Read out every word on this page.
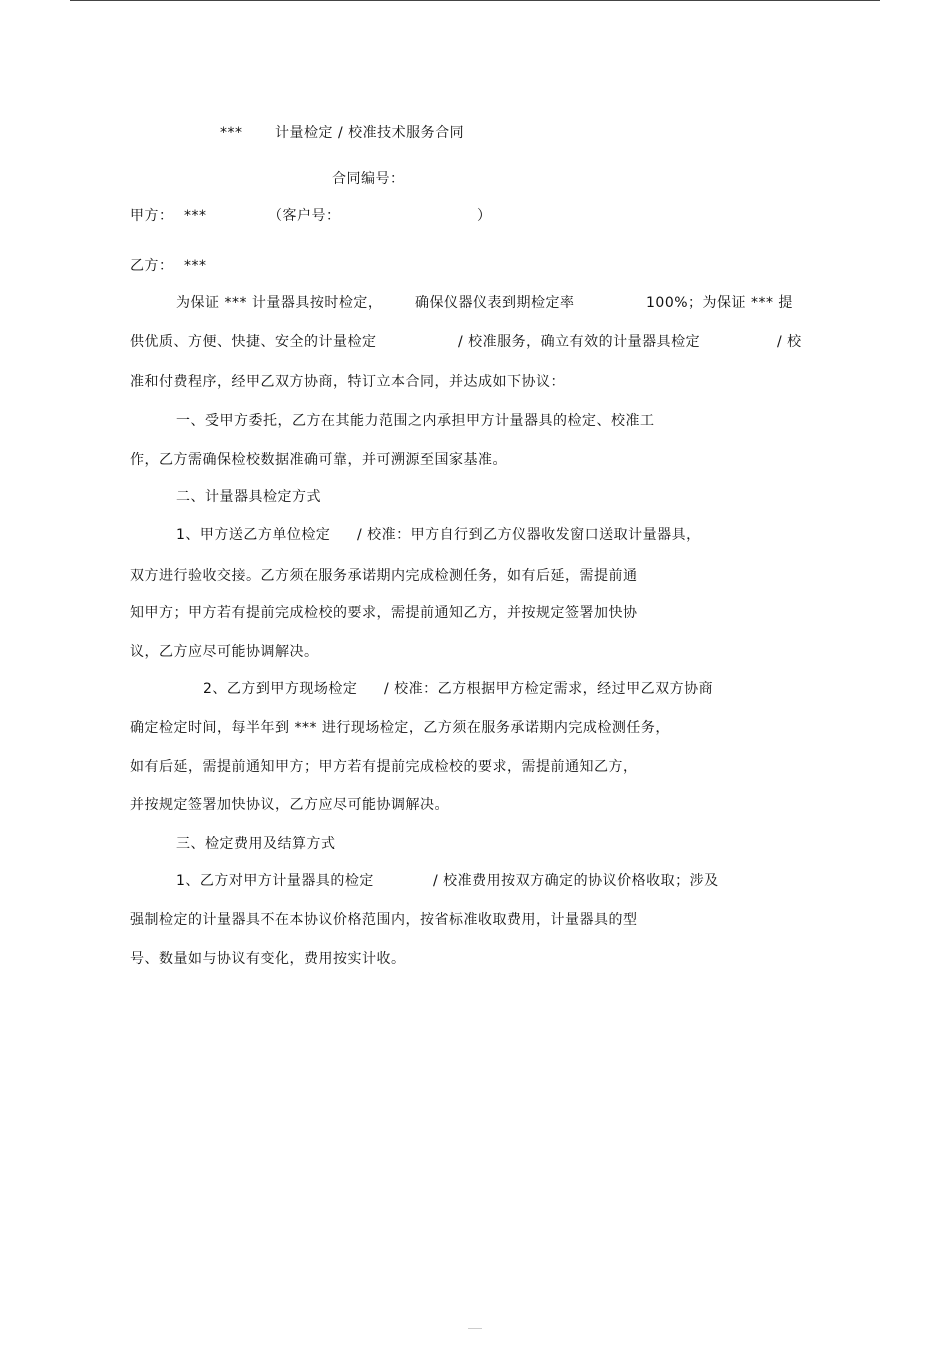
*** 计量检定 / 校准技术服务合同
合同编号：
甲方： ***	（客户号：	）
乙方： ***
为保证 *** 计量器具按时检定， 确保仪器仪表到期检定率	100%；为保证 *** 提
供优质、方便、快捷、安全的计量检定	/ 校准服务，确立有效的计量器具检定	/ 校
准和付费程序，经甲乙双方协商，特订立本合同，并达成如下协议：
一、受甲方委托，乙方在其能力范围之内承担甲方计量器具的检定、校准工
作，乙方需确保检校数据准确可靠，并可溯源至国家基准。
二、计量器具检定方式
1、甲方送乙方单位检定 / 校准：甲方自行到乙方仪器收发窗口送取计量器具，
双方进行验收交接。乙方须在服务承诺期内完成检测任务，如有后延，需提前通
知甲方；甲方若有提前完成检校的要求，需提前通知乙方，并按规定签署加快协
议，乙方应尽可能协调解决。
2、乙方到甲方现场检定 / 校准：乙方根据甲方检定需求，经过甲乙双方协商
确定检定时间，每半年到 *** 进行现场检定，乙方须在服务承诺期内完成检测任务，
如有后延，需提前通知甲方；甲方若有提前完成检校的要求，需提前通知乙方，
并按规定签署加快协议，乙方应尽可能协调解决。
三、检定费用及结算方式
1、乙方对甲方计量器具的检定	/ 校准费用按双方确定的协议价格收取；涉及
强制检定的计量器具不在本协议价格范围内，按省标准收取费用，计量器具的型
号、数量如与协议有变化，费用按实计收。
